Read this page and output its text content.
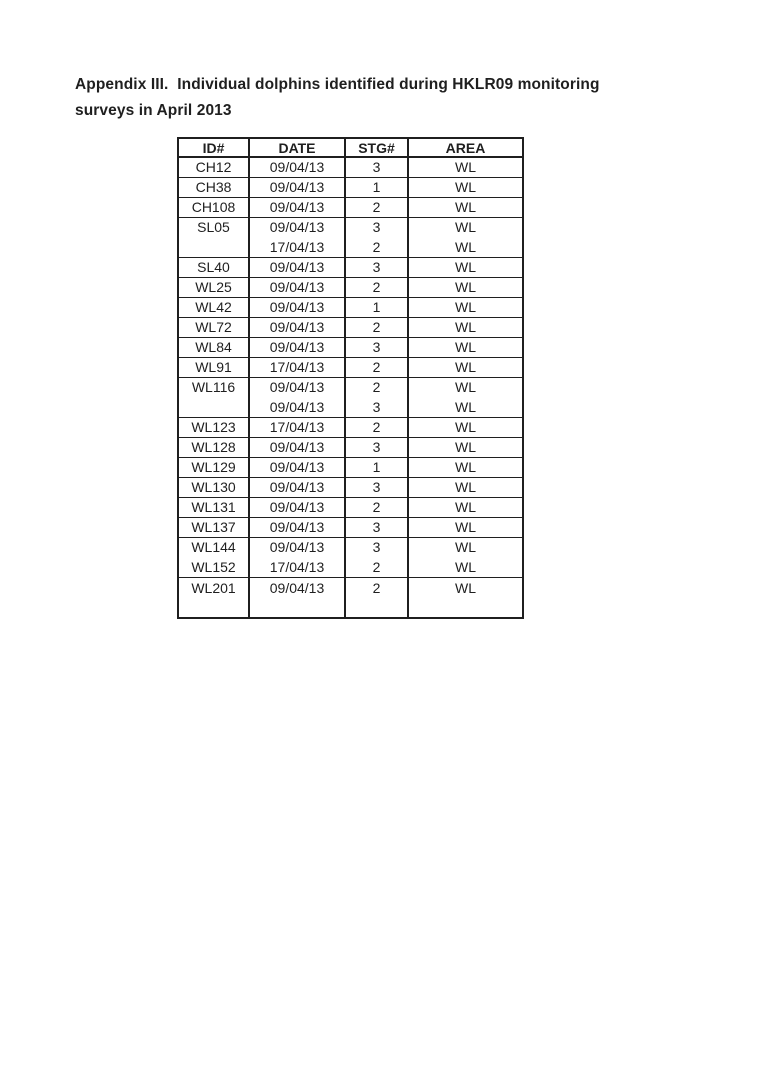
Appendix III.  Individual dolphins identified during HKLR09 monitoring
surveys in April 2013
ID#	DATE	STG#	AREA
CH12	09/04/13	3	WL
CH38	09/04/13	1	WL
CH108	09/04/13	2	WL
SL05	09/04/13	3	WL
	17/04/13	2	WL
SL40	09/04/13	3	WL
WL25	09/04/13	2	WL
WL42	09/04/13	1	WL
WL72	09/04/13	2	WL
WL84	09/04/13	3	WL
WL91	17/04/13	2	WL
WL116	09/04/13	2	WL
	09/04/13	3	WL
WL123	17/04/13	2	WL
WL128	09/04/13	3	WL
WL129	09/04/13	1	WL
WL130	09/04/13	3	WL
WL131	09/04/13	2	WL
WL137	09/04/13	3	WL
WL144	09/04/13	3	WL
WL152	17/04/13	2	WL
WL201	09/04/13	2	WL
